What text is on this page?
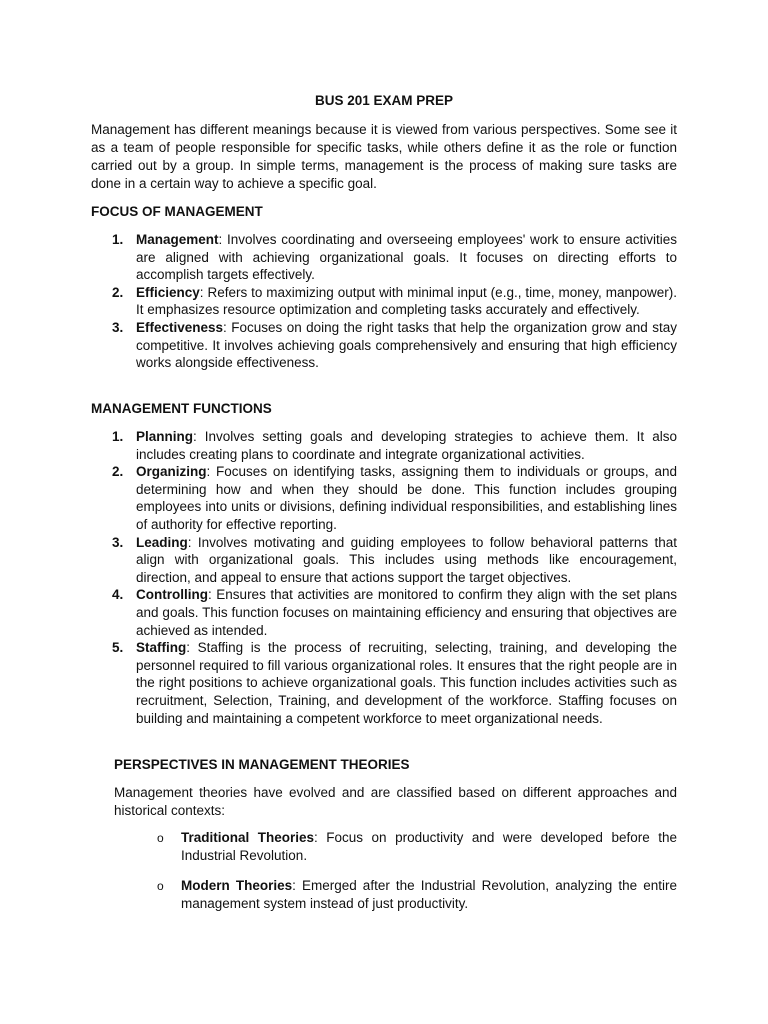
BUS 201 EXAM PREP

Management has different meanings because it is viewed from various perspectives. Some see it as a team of people responsible for specific tasks, while others define it as the role or function carried out by a group. In simple terms, management is the process of making sure tasks are done in a certain way to achieve a specific goal.

FOCUS OF MANAGEMENT

1. Management: Involves coordinating and overseeing employees' work to ensure activities are aligned with achieving organizational goals. It focuses on directing efforts to accomplish targets effectively.
2. Efficiency: Refers to maximizing output with minimal input (e.g., time, money, manpower). It emphasizes resource optimization and completing tasks accurately and effectively.
3. Effectiveness: Focuses on doing the right tasks that help the organization grow and stay competitive. It involves achieving goals comprehensively and ensuring that high efficiency works alongside effectiveness.

MANAGEMENT FUNCTIONS

1. Planning: Involves setting goals and developing strategies to achieve them. It also includes creating plans to coordinate and integrate organizational activities.
2. Organizing: Focuses on identifying tasks, assigning them to individuals or groups, and determining how and when they should be done. This function includes grouping employees into units or divisions, defining individual responsibilities, and establishing lines of authority for effective reporting.
3. Leading: Involves motivating and guiding employees to follow behavioral patterns that align with organizational goals. This includes using methods like encouragement, direction, and appeal to ensure that actions support the target objectives.
4. Controlling: Ensures that activities are monitored to confirm they align with the set plans and goals. This function focuses on maintaining efficiency and ensuring that objectives are achieved as intended.
5. Staffing: Staffing is the process of recruiting, selecting, training, and developing the personnel required to fill various organizational roles. It ensures that the right people are in the right positions to achieve organizational goals. This function includes activities such as recruitment, Selection, Training, and development of the workforce. Staffing focuses on building and maintaining a competent workforce to meet organizational needs.

PERSPECTIVES IN MANAGEMENT THEORIES

Management theories have evolved and are classified based on different approaches and historical contexts:

o Traditional Theories: Focus on productivity and were developed before the Industrial Revolution.
o Modern Theories: Emerged after the Industrial Revolution, analyzing the entire management system instead of just productivity.
